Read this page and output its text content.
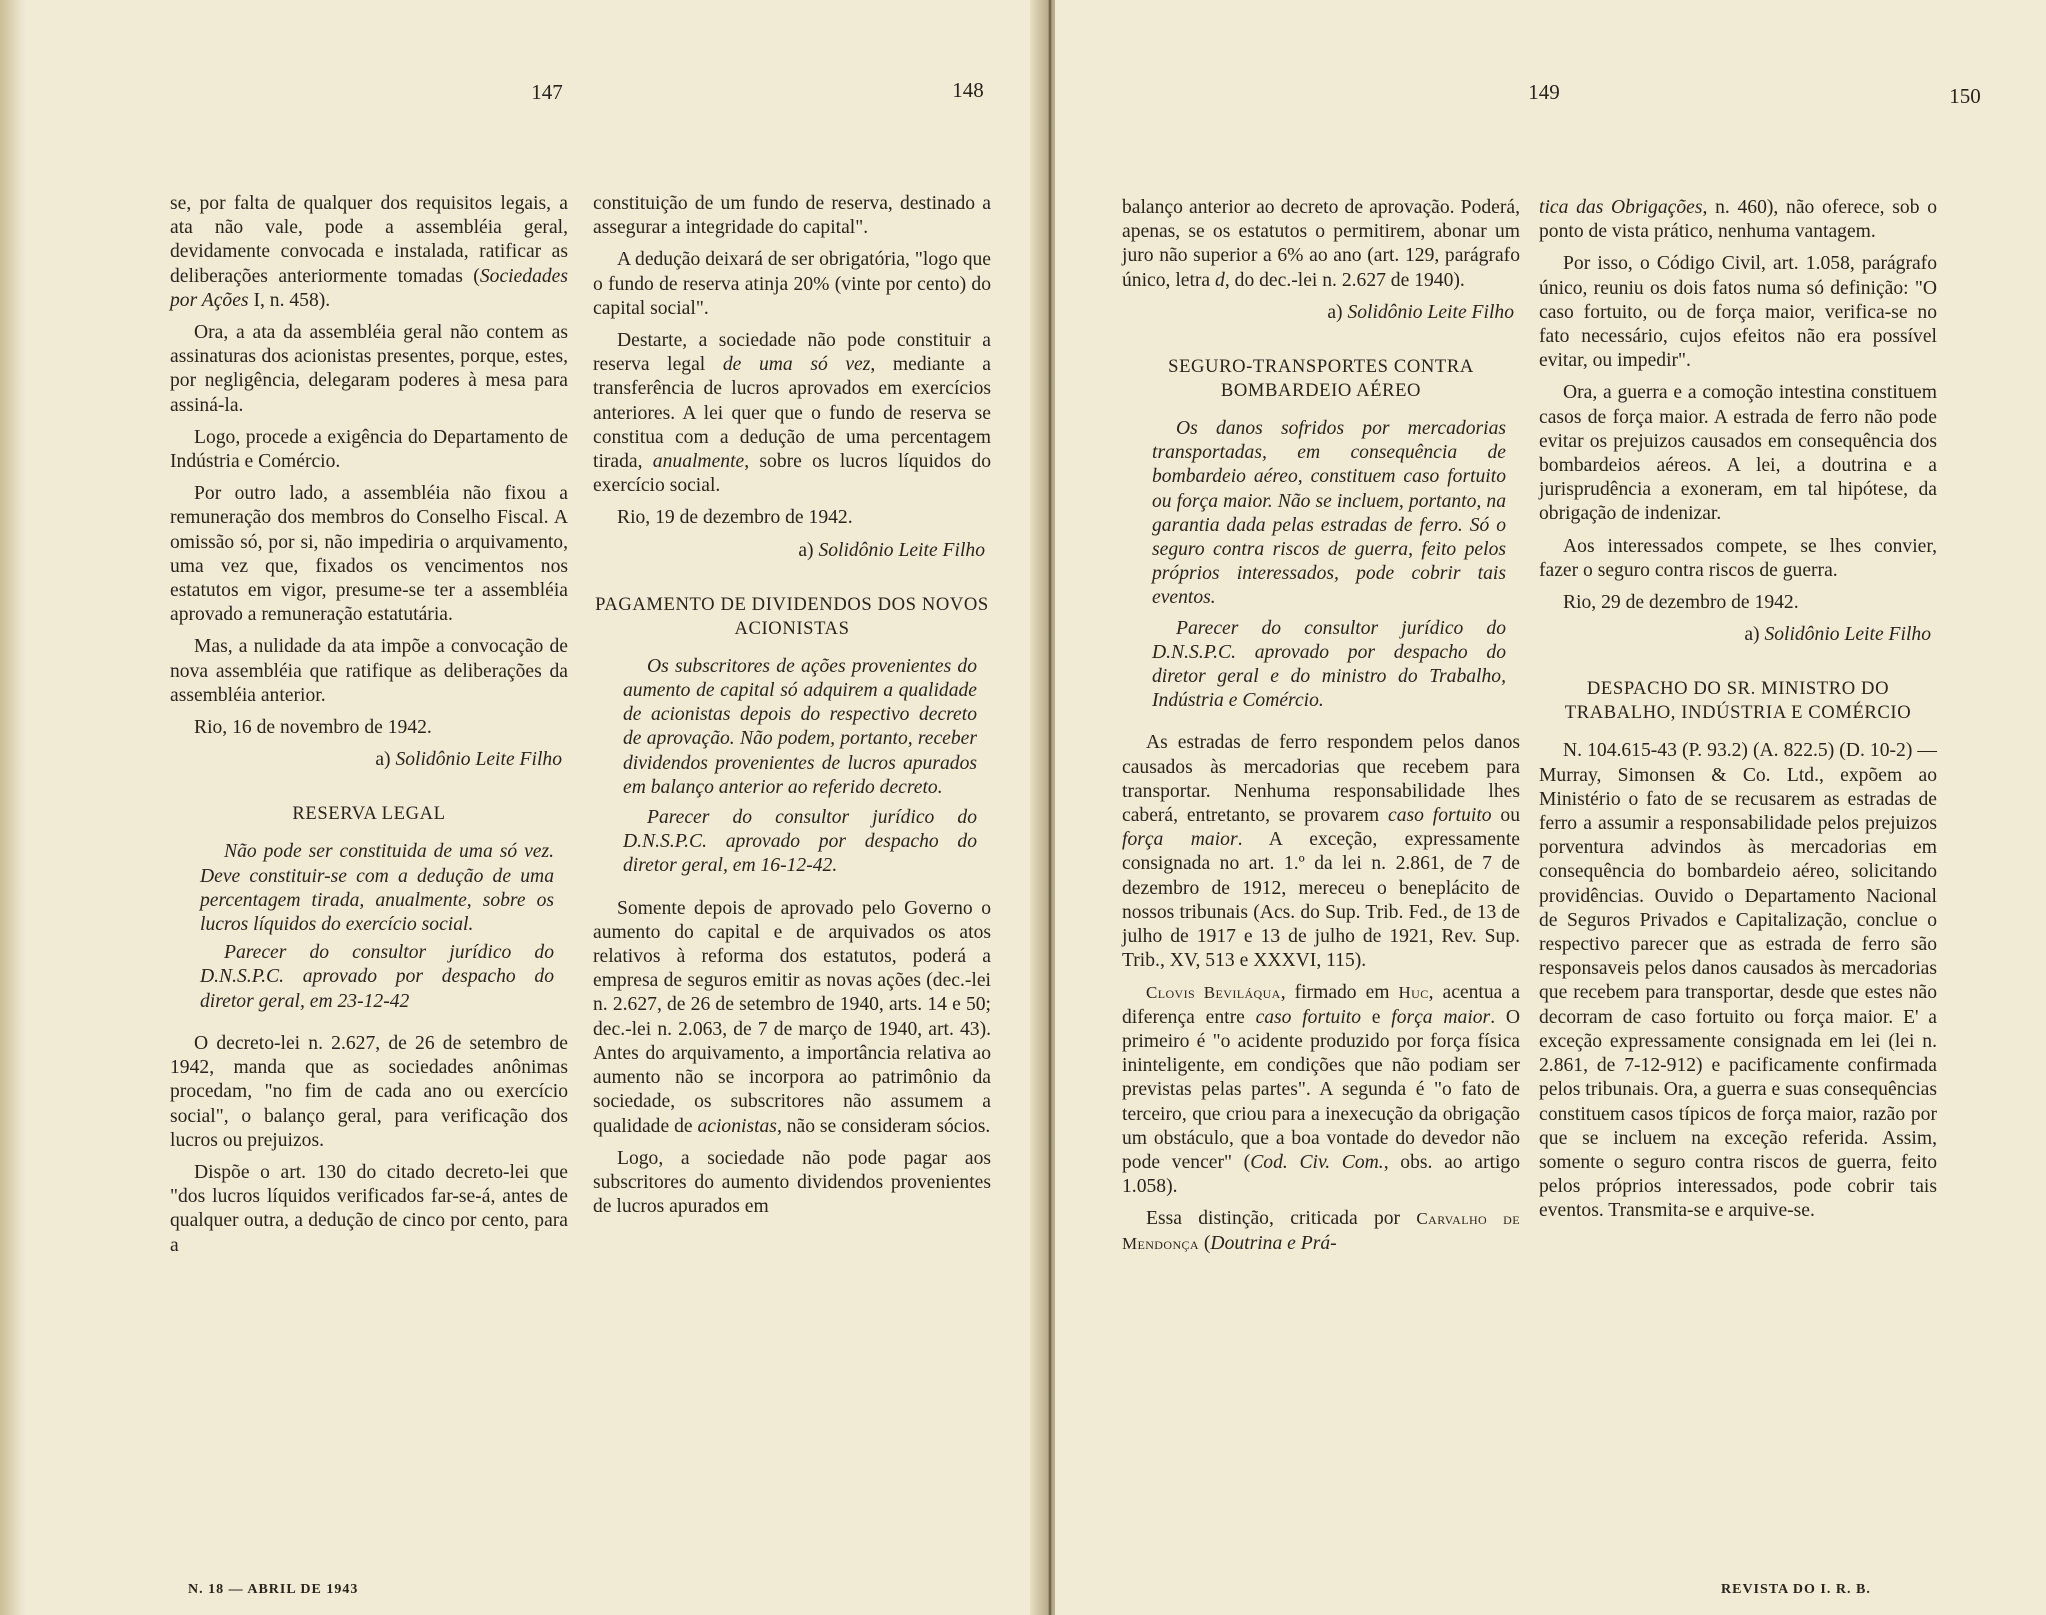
147	148

se, por falta de qualquer dos requisitos legais, a ata não vale, pode a assembléia geral, devidamente convocada e instalada, ratificar as deliberações anteriormente tomadas (Sociedades por Ações I, n. 458).

Ora, a ata da assembléia geral não contem as assinaturas dos acionistas presentes, porque, estes, por negligência, delegaram poderes à mesa para assiná-la.

Logo, procede a exigência do Departamento de Indústria e Comércio.

Por outro lado, a assembléia não fixou a remuneração dos membros do Conselho Fiscal. A omissão só, por si, não impediria o arquivamento, uma vez que, fixados os vencimentos nos estatutos em vigor, presume-se ter a assembléia aprovado a remuneração estatutária.

Mas, a nulidade da ata impõe a convocação de nova assembléia que ratifique as deliberações da assembléia anterior.

Rio, 16 de novembro de 1942.

a) Solidônio Leite Filho

RESERVA LEGAL
Não pode ser constituida de uma só vez. Deve constituir-se com a dedução de uma percentagem tirada, anualmente, sobre os lucros líquidos do exercício social.
Parecer do consultor jurídico do D.N.S.P.C. aprovado por despacho do diretor geral, em 23-12-42

O decreto-lei n. 2.627, de 26 de setembro de 1942, manda que as sociedades anônimas procedam, "no fim de cada ano ou exercício social", o balanço geral, para verificação dos lucros ou prejuizos.

Dispõe o art. 130 do citado decreto-lei que "dos lucros líquidos verificados far-se-á, antes de qualquer outra, a dedução de cinco por cento, para a

constituição de um fundo de reserva, destinado a assegurar a integridade do capital".

A dedução deixará de ser obrigatória, "logo que o fundo de reserva atinja 20% (vinte por cento) do capital social".

Destarte, a sociedade não pode constituir a reserva legal de uma só vez, mediante a transferência de lucros aprovados em exercícios anteriores. A lei quer que o fundo de reserva se constitua com a dedução de uma percentagem tirada, anualmente, sobre os lucros líquidos do exercício social.

Rio, 19 de dezembro de 1942.

a) Solidônio Leite Filho

PAGAMENTO DE DIVIDENDOS DOS NOVOS ACIONISTAS
Os subscritores de ações provenientes do aumento de capital só adquirem a qualidade de acionistas depois do respectivo decreto de aprovação. Não podem, portanto, receber dividendos provenientes de lucros apurados em balanço anterior ao referido decreto.
Parecer do consultor jurídico do D.N.S.P.C. aprovado por despacho do diretor geral, em 16-12-42.

Somente depois de aprovado pelo Governo o aumento do capital e de arquivados os atos relativos à reforma dos estatutos, poderá a empresa de seguros emitir as novas ações (dec.-lei n. 2.627, de 26 de setembro de 1940, arts. 14 e 50; dec.-lei n. 2.063, de 7 de março de 1940, art. 43). Antes do arquivamento, a importância relativa ao aumento não se incorpora ao patrimônio da sociedade, os subscritores não assumem a qualidade de acionistas, não se consideram sócios.

Logo, a sociedade não pode pagar aos subscritores do aumento dividendos provenientes de lucros apurados em

N. 18 — ABRIL DE 1943
149	150

balanço anterior ao decreto de aprovação. Poderá, apenas, se os estatutos o permitirem, abonar um juro não superior a 6% ao ano (art. 129, parágrafo único, letra d, do dec.-lei n. 2.627 de 1940).

a) Solidônio Leite Filho

SEGURO-TRANSPORTES CONTRA BOMBARDEIO AÉREO
Os danos sofridos por mercadorias transportadas, em consequência de bombardeio aéreo, constituem caso fortuito ou força maior. Não se incluem, portanto, na garantia dada pelas estradas de ferro. Só o seguro contra riscos de guerra, feito pelos próprios interessados, pode cobrir tais eventos.
Parecer do consultor jurídico do D.N.S.P.C. aprovado por despacho do diretor geral e do ministro do Trabalho, Indústria e Comércio.

As estradas de ferro respondem pelos danos causados às mercadorias que recebem para transportar. Nenhuma responsabilidade lhes caberá, entretanto, se provarem caso fortuito ou força maior. A exceção, expressamente consignada no art. 1.º da lei n. 2.861, de 7 de dezembro de 1912, mereceu o beneplácito de nossos tribunais (Acs. do Sup. Trib. Fed., de 13 de julho de 1917 e 13 de julho de 1921, Rev. Sup. Trib., XV, 513 e XXXVI, 115).

Clovis Beviláqua, firmado em Huc, acentua a diferença entre caso fortuito e força maior. O primeiro é "o acidente produzido por força física ininteligente, em condições que não podiam ser previstas pelas partes". A segunda é "o fato de terceiro, que criou para a inexecução da obrigação um obstáculo, que a boa vontade do devedor não pode vencer" (Cod. Civ. Com., obs. ao artigo 1.058).

Essa distinção, criticada por Carvalho de Mendonça (Doutrina e Prá-

tica das Obrigações, n. 460), não oferece, sob o ponto de vista prático, nenhuma vantagem.

Por isso, o Código Civil, art. 1.058, parágrafo único, reuniu os dois fatos numa só definição: "O caso fortuito, ou de força maior, verifica-se no fato necessário, cujos efeitos não era possível evitar, ou impedir".

Ora, a guerra e a comoção intestina constituem casos de força maior. A estrada de ferro não pode evitar os prejuizos causados em consequência dos bombardeios aéreos. A lei, a doutrina e a jurisprudência a exoneram, em tal hipótese, da obrigação de indenizar.

Aos interessados compete, se lhes convier, fazer o seguro contra riscos de guerra.

Rio, 29 de dezembro de 1942.

a) Solidônio Leite Filho

DESPACHO DO SR. MINISTRO DO TRABALHO, INDÚSTRIA E COMÉRCIO

N. 104.615-43 (P. 93.2) (A. 822.5) (D. 10-2) — Murray, Simonsen & Co. Ltd., expõem ao Ministério o fato de se recusarem as estradas de ferro a assumir a responsabilidade pelos prejuizos porventura advindos às mercadorias em consequência do bombardeio aéreo, solicitando providências. Ouvido o Departamento Nacional de Seguros Privados e Capitalização, conclue o respectivo parecer que as estrada de ferro são responsaveis pelos danos causados às mercadorias que recebem para transportar, desde que estes não decorram de caso fortuito ou força maior. E' a exceção expressamente consignada em lei (lei n. 2.861, de 7-12-912) e pacificamente confirmada pelos tribunais. Ora, a guerra e suas consequências constituem casos típicos de força maior, razão por que se incluem na exceção referida. Assim, somente o seguro contra riscos de guerra, feito pelos próprios interessados, pode cobrir tais eventos. Transmita-se e arquive-se.

REVISTA DO I. R. B.
